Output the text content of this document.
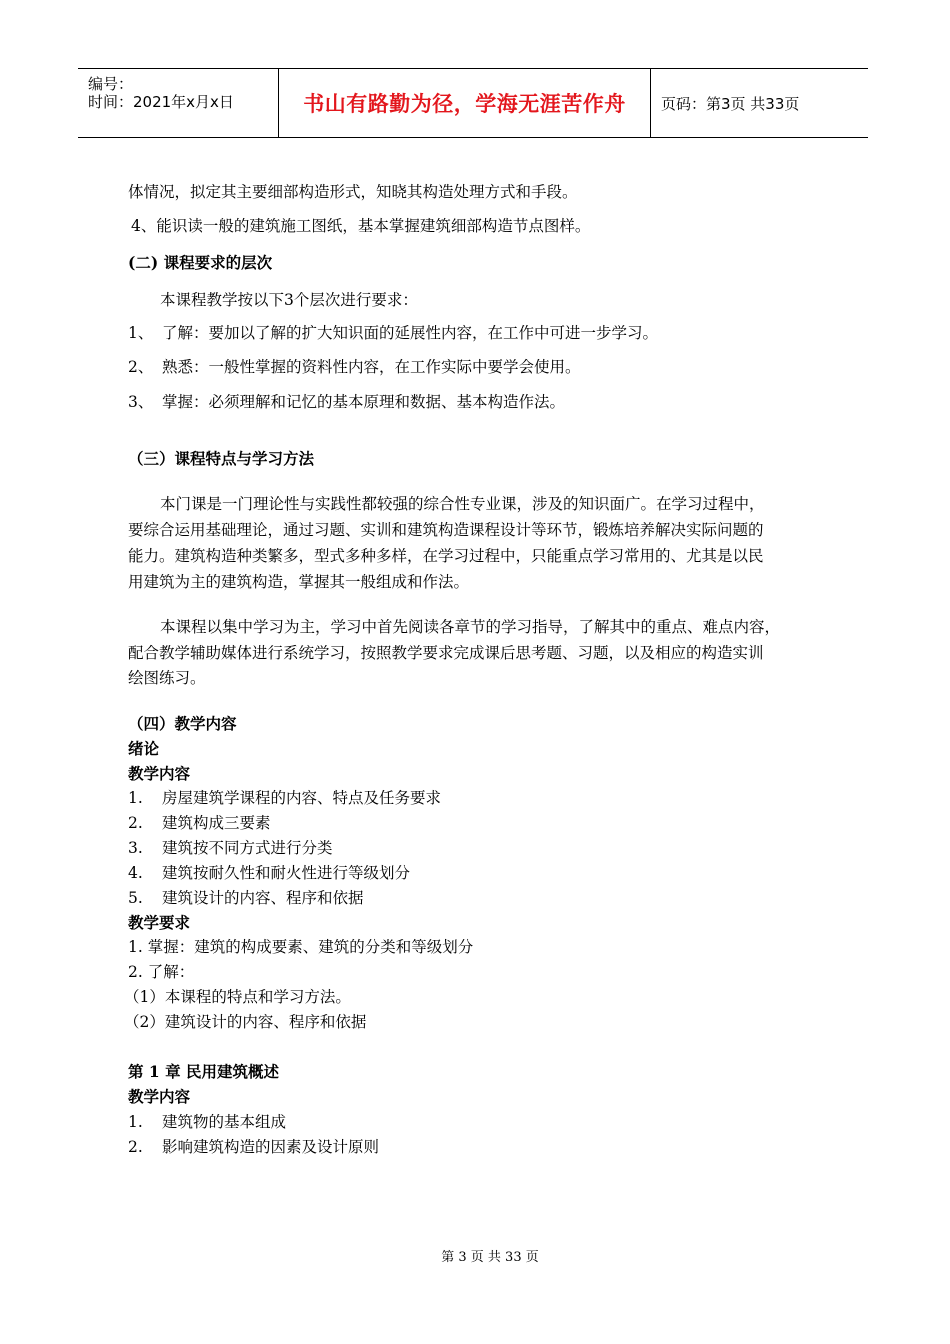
编号：
时间：2021年x月x日	书山有路勤为径，学海无涯苦作舟 页码：第3页 共33页
体情况，拟定其主要细部构造形式，知晓其构造处理方式和手段。
4、能识读一般的建筑施工图纸，基本掌握建筑细部构造节点图样。
(二) 课程要求的层次
本课程教学按以下3个层次进行要求：
1、 了解：要加以了解的扩大知识面的延展性内容，在工作中可进一步学习。
2、 熟悉：一般性掌握的资料性内容，在工作实际中要学会使用。
3、 掌握：必须理解和记忆的基本原理和数据、基本构造作法。
（三）课程特点与学习方法
本门课是一门理论性与实践性都较强的综合性专业课，涉及的知识面广。在学习过程中，
要综合运用基础理论，通过习题、实训和建筑构造课程设计等环节，锻炼培养解决实际问题的
能力。建筑构造种类繁多，型式多种多样，在学习过程中，只能重点学习常用的、尤其是以民
用建筑为主的建筑构造，掌握其一般组成和作法。
本课程以集中学习为主，学习中首先阅读各章节的学习指导，了解其中的重点、难点内容，
配合教学辅助媒体进行系统学习，按照教学要求完成课后思考题、习题，以及相应的构造实训
绘图练习。
（四）教学内容
绪论
教学内容
1. 房屋建筑学课程的内容、特点及任务要求
2. 建筑构成三要素
3. 建筑按不同方式进行分类
4. 建筑按耐久性和耐火性进行等级划分
5. 建筑设计的内容、程序和依据
教学要求
1. 掌握：建筑的构成要素、建筑的分类和等级划分
2. 了解：
（1）本课程的特点和学习方法。
（2）建筑设计的内容、程序和依据
第 1 章 民用建筑概述
教学内容
1. 建筑物的基本组成
2. 影响建筑构造的因素及设计原则
第 3 页 共 33 页
